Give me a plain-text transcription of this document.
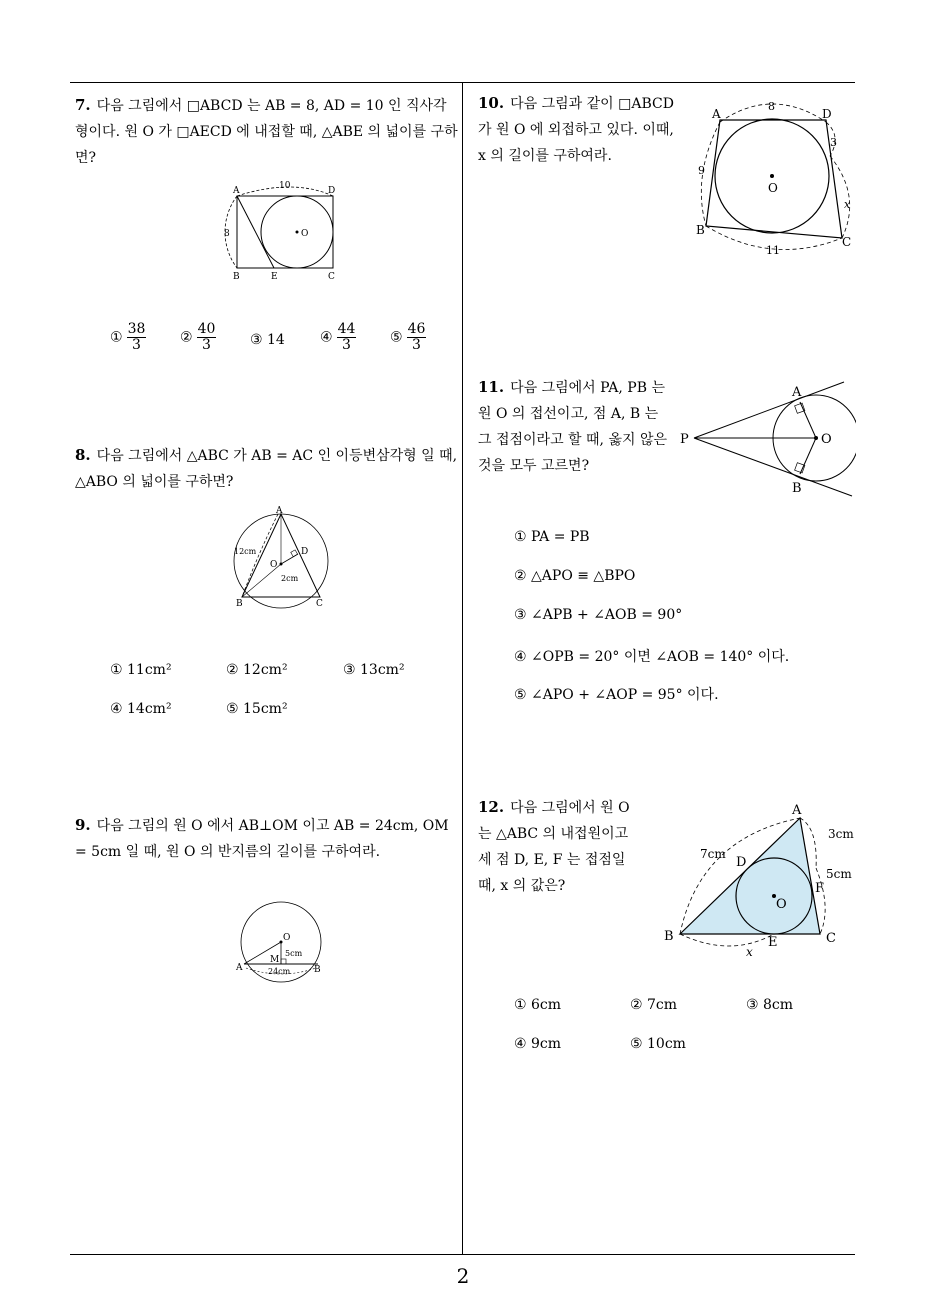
7. 다음 그림에서 □ABCD 는 AB = 8, AD = 10 인 직사각형이다. 원 O 가 □AECD 에 내접할 때, △ABE 의 넓이를 구하면?
A	D
B	E	C
O
10
8
① $\frac{38}{3}$ ② $\frac{40}{3}$ ③ 14	④ $\frac{44}{3}$ ⑤ $\frac{46}{3}$
8. 다음 그림에서 △ABC 가 AB = AC 인 이등변삼각형 일 때, △ABO 의 넓이를 구하면?
A
B	C
D
O
12cm
2cm
① 11cm²	② 12cm²	③ 13cm²
④ 14cm²	⑤ 15cm²
9. 다음 그림의 원 O 에서 AB⊥OM 이고 AB = 24cm, OM = 5cm 일 때, 원 O 의 반지름의 길이를 구하여라.
O
A	B
M
5cm
24cm
10. 다음 그림과 같이 □ABCD 가 원 O 에 외접하고 있다. 이때, x 의 길이를 구하여라.
A	D
B
C
O
8
3
9
11
x
11. 다음 그림에서 PA, PB 는 원 O 의 접선이고, 점 A, B 는 그 접점이라고 할 때, 옳지 않은 것을 모두 고르면?
P
A
B
O
① PA = PB
② △APO ≡ △BPO
③ ∠APB + ∠AOB = 90°
④ ∠OPB = 20° 이면 ∠AOB = 140° 이다.
⑤ ∠APO + ∠AOP = 95° 이다.
12. 다음 그림에서 원 O 는 △ABC 의 내접원이고 세 점 D, E, F 는 접점일 때, x 의 값은?
A
B	C
D
E
F
O
7cm
3cm
5cm
x
① 6cm	② 7cm	③ 8cm
④ 9cm	⑤ 10cm
2
